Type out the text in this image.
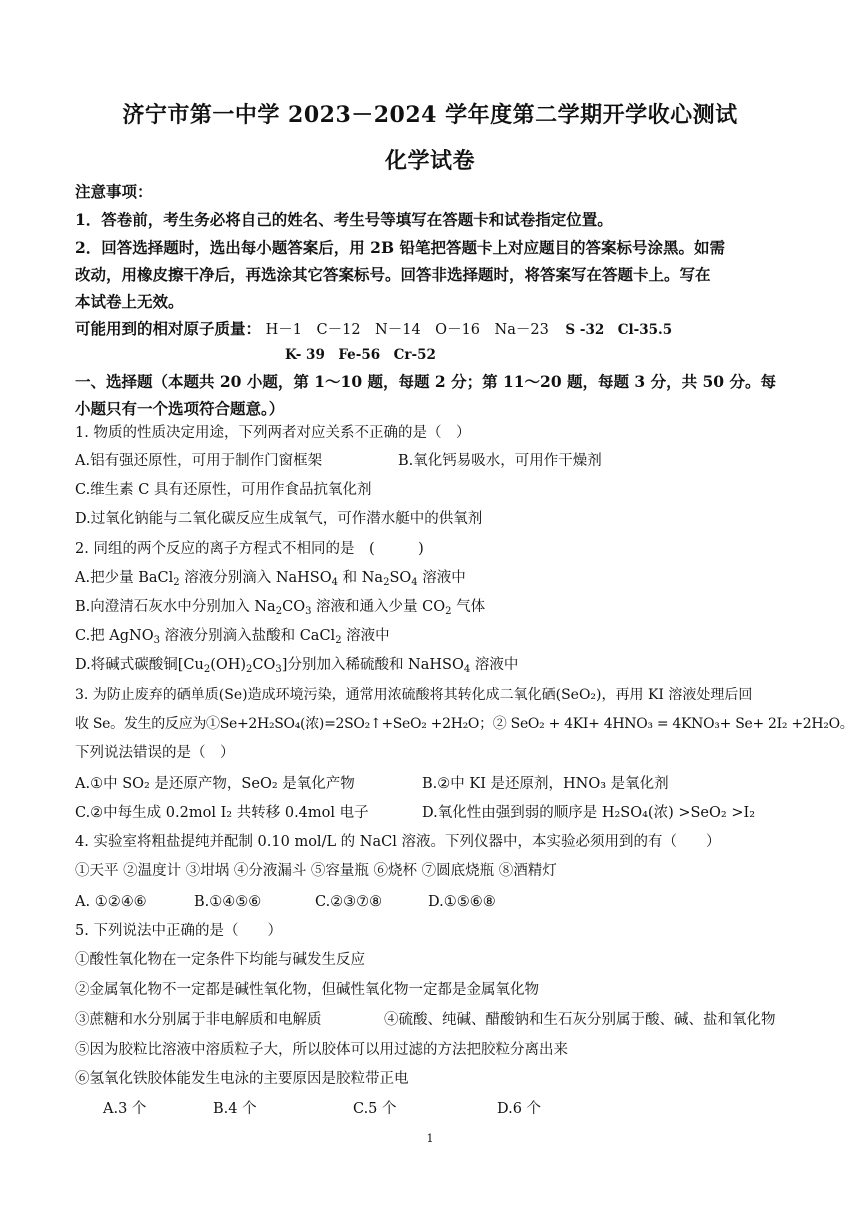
济宁市第一中学 2023－2024 学年度第二学期开学收心测试
化学试卷
注意事项：
1．答卷前，考生务必将自己的姓名、考生号等填写在答题卡和试卷指定位置。
2．回答选择题时，选出每小题答案后，用 2B 铅笔把答题卡上对应题目的答案标号涂黑。如需
改动，用橡皮擦干净后，再选涂其它答案标号。回答非选择题时，将答案写在答题卡上。写在
本试卷上无效。
可能用到的相对原子质量： H－1　C－12　N－14　O－16　Na－23 S -32　Cl-35.5
K- 39　Fe-56　Cr-52
一、选择题（本题共 20 小题，第 1～10 题，每题 2 分；第 11～20 题，每题 3 分，共 50 分。每
小题只有一个选项符合题意。）
1. 物质的性质决定用途，下列两者对应关系不正确的是（　）
A.铝有强还原性，可用于制作门窗框架	B.氧化钙易吸水，可用作干燥剂
C.维生素 C 具有还原性，可用作食品抗氧化剂
D.过氧化钠能与二氧化碳反应生成氧气，可作潜水艇中的供氧剂
2. 同组的两个反应的离子方程式不相同的是　(　　　)
A.把少量 BaCl$_2$ 溶液分别滴入 NaHSO$_4$ 和 $Na_2SO_4$ 溶液中
B.向澄清石灰水中分别加入 $Na_2CO_3$ 溶液和通入少量 $CO_2$ 气体
C.把 AgNO$_3$ 溶液分别滴入盐酸和 CaCl$_2$ 溶液中
D.将碱式碳酸铜$[Cu_2(OH)_2CO_3]$分别加入稀硫酸和 NaHSO$_4$ 溶液中
3. 为防止废弃的硒单质(Se)造成环境污染，通常用浓硫酸将其转化成二氧化硒(SeO₂)，再用 KI 溶液处理后回
收 Se。发生的反应为①Se+2H₂SO₄(浓)=2SO₂↑+SeO₂ +2H₂O；② SeO₂ + 4KI+ 4HNO₃ = 4KNO₃+ Se+ 2I₂ +2H₂O。
下列说法错误的是（　）
A.①中 SO₂ 是还原产物，SeO₂ 是氧化产物	B.②中 KI 是还原剂，HNO₃ 是氧化剂
C.②中每生成 0.2mol I₂ 共转移 0.4mol 电子	D.氧化性由强到弱的顺序是 H₂SO₄(浓) >SeO₂ >I₂
4. 实验室将粗盐提纯并配制 0.10 mol/L 的 NaCl 溶液。下列仪器中，本实验必须用到的有（　　）
①天平 ②温度计 ③坩埚 ④分液漏斗 ⑤容量瓶 ⑥烧杯 ⑦圆底烧瓶 ⑧酒精灯
A. ①②④⑥	B.①④⑤⑥	C.②③⑦⑧	D.①⑤⑥⑧
5. 下列说法中正确的是（　　）
①酸性氧化物在一定条件下均能与碱发生反应
②金属氧化物不一定都是碱性氧化物，但碱性氧化物一定都是金属氧化物
③蔗糖和水分别属于非电解质和电解质	④硫酸、纯碱、醋酸钠和生石灰分别属于酸、碱、盐和氧化物
⑤因为胶粒比溶液中溶质粒子大，所以胶体可以用过滤的方法把胶粒分离出来
⑥氢氧化铁胶体能发生电泳的主要原因是胶粒带正电
A.3 个	B.4 个	C.5 个	D.6 个
1
